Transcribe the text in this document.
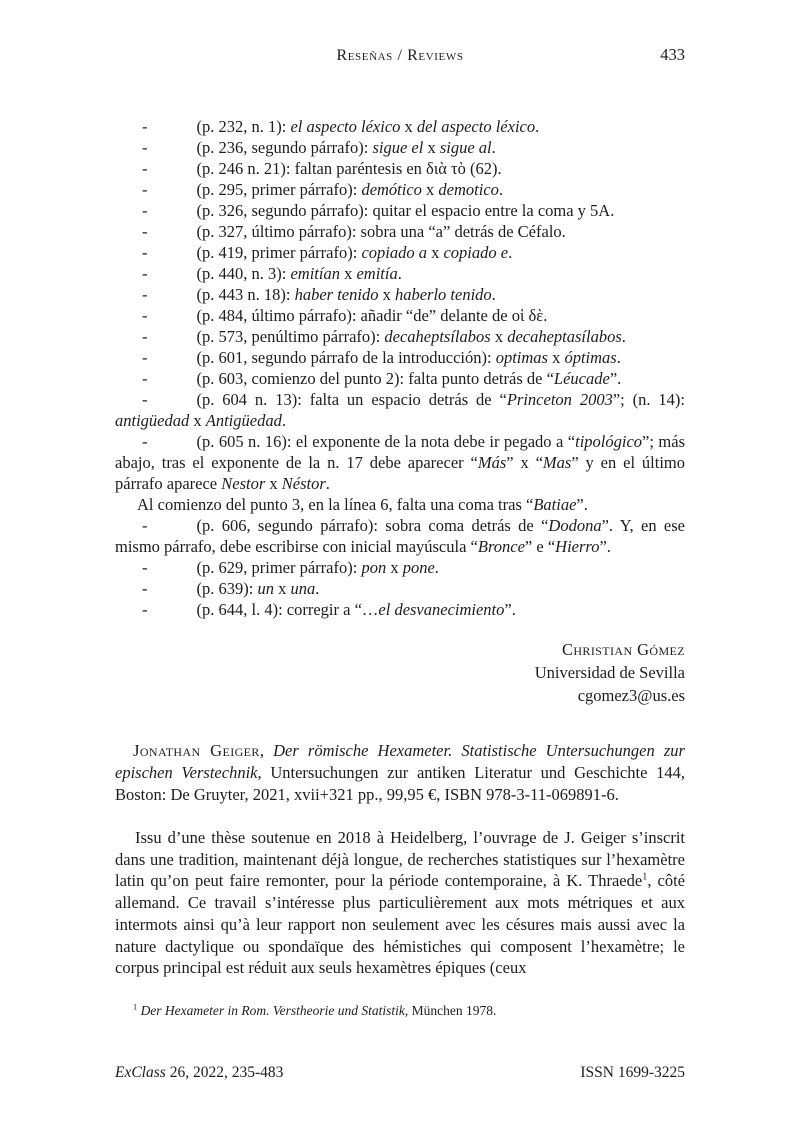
Reseñas / Reviews	433

-	(p. 232, n. 1): el aspecto léxico x del aspecto léxico.

-	(p. 236, segundo párrafo): sigue el x sigue al.

-	(p. 246 n. 21): faltan paréntesis en διὰ τὸ (62).

-	(p. 295, primer párrafo): demótico x demotico.

-	(p. 326, segundo párrafo): quitar el espacio entre la coma y 5A.

-	(p. 327, último párrafo): sobra una “a” detrás de Céfalo.

-	(p. 419, primer párrafo): copiado a x copiado e.

-	(p. 440, n. 3): emitían x emitía.

-	(p. 443 n. 18): haber tenido x haberlo tenido.

-	(p. 484, último párrafo): añadir “de” delante de οἱ δὲ.

-	(p. 573, penúltimo párrafo): decaheptsílabos x decaheptasílabos.

-	(p. 601, segundo párrafo de la introducción): optimas x óptimas.

-	(p. 603, comienzo del punto 2): falta punto detrás de “Léucade”.

-	(p. 604 n. 13): falta un espacio detrás de “Princeton 2003”; (n. 14): antigüedad x Antigüedad.

-	(p. 605 n. 16): el exponente de la nota debe ir pegado a “tipológico”; más abajo, tras el exponente de la n. 17 debe aparecer “Más” x “Mas” y en el último párrafo aparece Nestor x Néstor.

Al comienzo del punto 3, en la línea 6, falta una coma tras “Batiae”.

-	(p. 606, segundo párrafo): sobra coma detrás de “Dodona”. Y, en ese mismo párrafo, debe escribirse con inicial mayúscula “Bronce” e “Hierro”.

-	(p. 629, primer párrafo): pon x pone.

-	(p. 639): un x una.

-	(p. 644, l. 4): corregir a “…el desvanecimiento”.

Christian Gómez
Universidad de Sevilla
cgomez3@us.es

Jonathan Geiger, Der römische Hexameter. Statistische Untersuchungen zur epischen Verstechnik, Untersuchungen zur antiken Literatur und Geschichte 144, Boston: De Gruyter, 2021, xvii+321 pp., 99,95 €, ISBN 978-3-11-069891-6.

Issu d’une thèse soutenue en 2018 à Heidelberg, l’ouvrage de J. Geiger s’inscrit dans une tradition, maintenant déjà longue, de recherches statistiques sur l’hexamètre latin qu’on peut faire remonter, pour la période contemporaine, à K. Thraede$^1$, côté allemand. Ce travail s’intéresse plus particulièrement aux mots métriques et aux intermots ainsi qu’à leur rapport non seulement avec les césures mais aussi avec la nature dactylique ou spondaïque des hémistiches qui composent l’hexamètre; le corpus principal est réduit aux seuls hexamètres épiques (ceux

$^1$ Der Hexameter in Rom. Verstheorie und Statistik, München 1978.

ExClass 26, 2022, 235-483	ISSN 1699-3225
